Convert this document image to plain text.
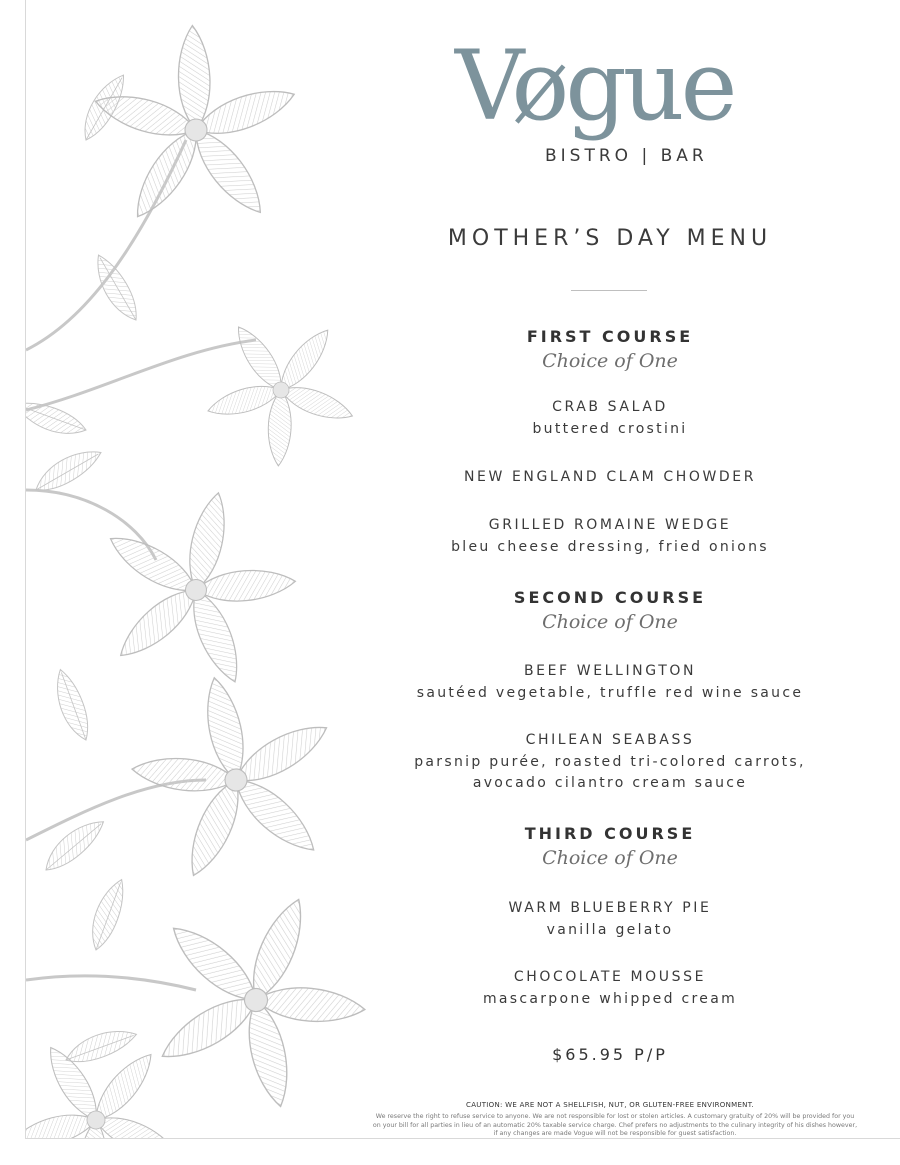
Vøgue

BISTRO | BAR

MOTHER’S DAY MENU

FIRST COURSE

Choice of One

CRAB SALAD

buttered crostini

NEW ENGLAND CLAM CHOWDER

GRILLED ROMAINE WEDGE

bleu cheese dressing, fried onions

SECOND COURSE

Choice of One

BEEF WELLINGTON

sautéed vegetable, truffle red wine sauce

CHILEAN SEABASS

parsnip purée, roasted tri-colored carrots,

avocado cilantro cream sauce

THIRD COURSE

Choice of One

WARM BLUEBERRY PIE

vanilla gelato

CHOCOLATE MOUSSE

mascarpone whipped cream

$65.95 P/P

CAUTION: WE ARE NOT A SHELLFISH, NUT, OR GLUTEN-FREE ENVIRONMENT.

We reserve the right to refuse service to anyone. We are not responsible for lost or stolen articles. A customary gratuity of 20% will be provided for you on your bill for all parties in lieu of an automatic 20% taxable service charge. Chef prefers no adjustments to the culinary integrity of his dishes however, if any changes are made Vogue will not be responsible for guest satisfaction.
